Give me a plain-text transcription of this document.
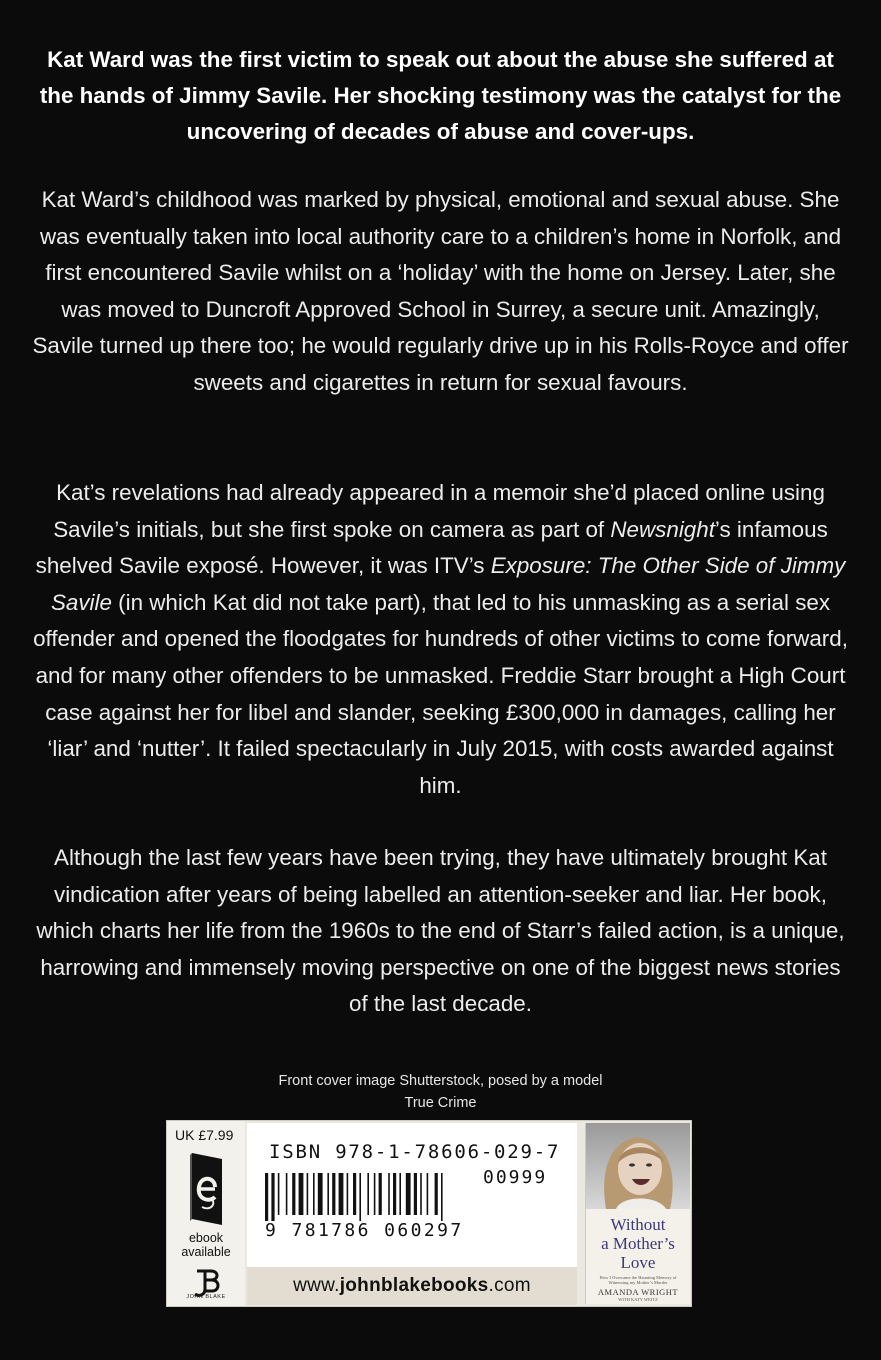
Kat Ward was the first victim to speak out about the abuse she suffered at the hands of Jimmy Savile. Her shocking testimony was the catalyst for the uncovering of decades of abuse and cover-ups.
Kat Ward’s childhood was marked by physical, emotional and sexual abuse. She was eventually taken into local authority care to a children’s home in Norfolk, and first encountered Savile whilst on a ‘holiday’ with the home on Jersey. Later, she was moved to Duncroft Approved School in Surrey, a secure unit. Amazingly, Savile turned up there too; he would regularly drive up in his Rolls-Royce and offer sweets and cigarettes in return for sexual favours.
Kat’s revelations had already appeared in a memoir she’d placed online using Savile’s initials, but she first spoke on camera as part of Newsnight’s infamous shelved Savile exposé. However, it was ITV’s Exposure: The Other Side of Jimmy Savile (in which Kat did not take part), that led to his unmasking as a serial sex offender and opened the floodgates for hundreds of other victims to come forward, and for many other offenders to be unmasked. Freddie Starr brought a High Court case against her for libel and slander, seeking £300,000 in damages, calling her ‘liar’ and ‘nutter’. It failed spectacularly in July 2015, with costs awarded against him.
Although the last few years have been trying, they have ultimately brought Kat vindication after years of being labelled an attention-seeker and liar. Her book, which charts her life from the 1960s to the end of Starr’s failed action, is a unique, harrowing and immensely moving perspective on one of the biggest news stories of the last decade.
Front cover image Shutterstock, posed by a model
True Crime
UK £7.99
ebook
available
JOHN BLAKE
ISBN 978-1-78606-029-7
00999
9 781786 060297
www.johnblakebooks.com
Without
a Mother’s
Love
How I Overcame the Haunting Memory of Witnessing my Mother’s Murder
AMANDA WRIGHT
WITH KATY WEITZ
